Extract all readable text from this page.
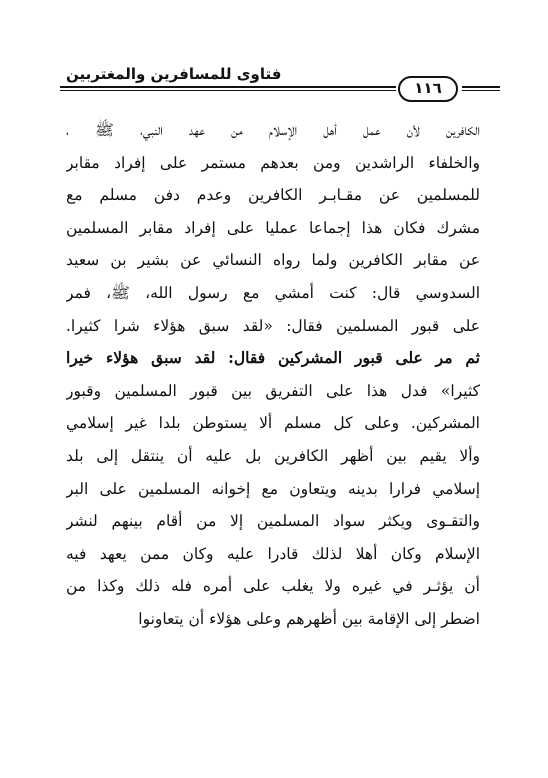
فتاوى للمسافرين والمغتربين
١١٦
الكافرين لأن عمل أهل الإسلام من عهد النبي، ﷺ ،
والخلفاء الراشدين ومن بعدهم مستمر على إفراد مقابر
للمسلمين عن مقـابـر الكافرين وعدم دفن مسلم مع
مشرك فكان هذا إجماعا عمليا على إفراد مقابر المسلمين
عن مقابر الكافرين ولما رواه النسائي عن بشير بن سعيد
السدوسي قال: كنت أمشي مع رسول الله، ﷺ، فمر
على قبور المسلمين فقال: «لقد سبق هؤلاء شرا كثيرا.
ثم مر على قبور المشركين فقال: لقد سبق هؤلاء خيرا
كثيرا» فدل هذا على التفريق بين قبور المسلمين وقبور
المشركين. وعلى كل مسلم ألا يستوطن بلدا غير إسلامي
وألا يقيم بين أظهر الكافرين بل عليه أن ينتقل إلى بلد
إسلامي فرارا بدينه ويتعاون مع إخوانه المسلمين على البر
والتقـوى ويكثر سواد المسلمين إلا من أقام بينهم لنشر
الإسلام وكان أهلا لذلك قادرا عليه وكان ممن يعهد فيه
أن يؤثـر في غيره ولا يغلب على أمره فله ذلك وكذا من
اضطر إلى الإقامة بين أظهرهم وعلى هؤلاء أن يتعاونوا
